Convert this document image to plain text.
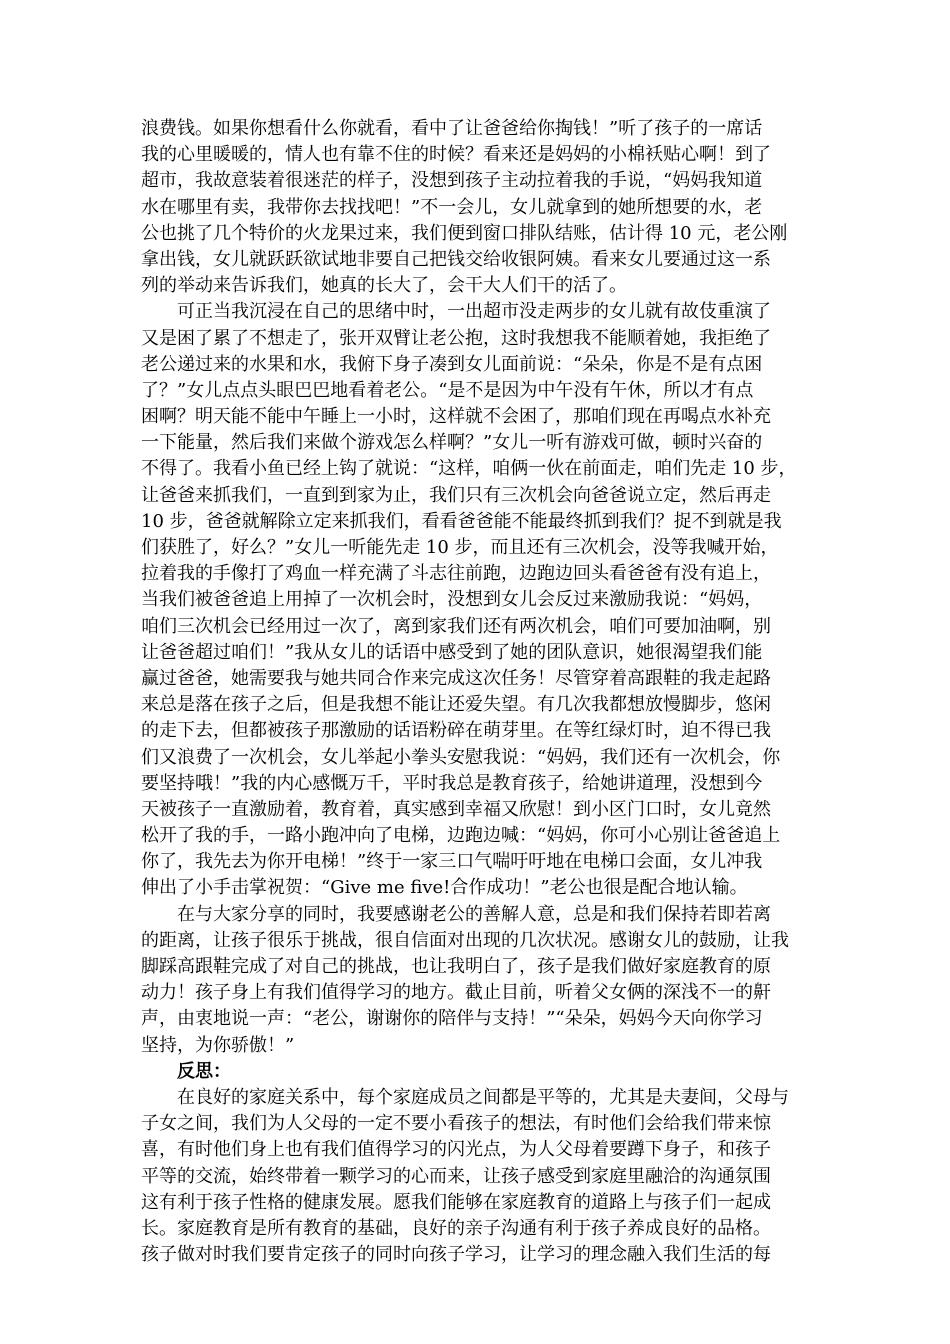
浪费钱。如果你想看什么你就看，看中了让爸爸给你掏钱！”听了孩子的一席话
我的心里暖暖的，情人也有靠不住的时候？看来还是妈妈的小棉袄贴心啊！到了
超市，我故意装着很迷茫的样子，没想到孩子主动拉着我的手说，“妈妈我知道
水在哪里有卖，我带你去找找吧！”不一会儿，女儿就拿到的她所想要的水，老
公也挑了几个特价的火龙果过来，我们便到窗口排队结账，估计得 10 元，老公刚
拿出钱，女儿就跃跃欲试地非要自己把钱交给收银阿姨。看来女儿要通过这一系
列的举动来告诉我们，她真的长大了，会干大人们干的活了。
　　可正当我沉浸在自己的思绪中时，一出超市没走两步的女儿就有故伎重演了
又是困了累了不想走了，张开双臂让老公抱，这时我想我不能顺着她，我拒绝了
老公递过来的水果和水，我俯下身子凑到女儿面前说：“朵朵，你是不是有点困
了？”女儿点点头眼巴巴地看着老公。“是不是因为中午没有午休，所以才有点
困啊？明天能不能中午睡上一小时，这样就不会困了，那咱们现在再喝点水补充
一下能量，然后我们来做个游戏怎么样啊？”女儿一听有游戏可做，顿时兴奋的
不得了。我看小鱼已经上钩了就说：“这样，咱俩一伙在前面走，咱们先走 10 步，
让爸爸来抓我们，一直到到家为止，我们只有三次机会向爸爸说立定，然后再走
10 步，爸爸就解除立定来抓我们，看看爸爸能不能最终抓到我们？捉不到就是我
们获胜了，好么？”女儿一听能先走 10 步，而且还有三次机会，没等我喊开始，
拉着我的手像打了鸡血一样充满了斗志往前跑，边跑边回头看爸爸有没有追上，
当我们被爸爸追上用掉了一次机会时，没想到女儿会反过来激励我说：“妈妈，
咱们三次机会已经用过一次了，离到家我们还有两次机会，咱们可要加油啊，别
让爸爸超过咱们！”我从女儿的话语中感受到了她的团队意识，她很渴望我们能
赢过爸爸，她需要我与她共同合作来完成这次任务！尽管穿着高跟鞋的我走起路
来总是落在孩子之后，但是我想不能让还爱失望。有几次我都想放慢脚步，悠闲
的走下去，但都被孩子那激励的话语粉碎在萌芽里。在等红绿灯时，迫不得已我
们又浪费了一次机会，女儿举起小拳头安慰我说：“妈妈，我们还有一次机会，你
要坚持哦！”我的内心感慨万千，平时我总是教育孩子，给她讲道理，没想到今
天被孩子一直激励着，教育着，真实感到幸福又欣慰！到小区门口时，女儿竟然
松开了我的手，一路小跑冲向了电梯，边跑边喊：“妈妈，你可小心别让爸爸追上
你了，我先去为你开电梯！”终于一家三口气喘吁吁地在电梯口会面，女儿冲我
伸出了小手击掌祝贺：“Give me five!合作成功！”老公也很是配合地认输。
　　在与大家分享的同时，我要感谢老公的善解人意，总是和我们保持若即若离
的距离，让孩子很乐于挑战，很自信面对出现的几次状况。感谢女儿的鼓励，让我
脚踩高跟鞋完成了对自己的挑战，也让我明白了，孩子是我们做好家庭教育的原
动力！孩子身上有我们值得学习的地方。截止目前，听着父女俩的深浅不一的鼾
声，由衷地说一声：“老公，谢谢你的陪伴与支持！”“朵朵，妈妈今天向你学习
坚持，为你骄傲！”
　　反思：
　　在良好的家庭关系中，每个家庭成员之间都是平等的，尤其是夫妻间，父母与
子女之间，我们为人父母的一定不要小看孩子的想法，有时他们会给我们带来惊
喜，有时他们身上也有我们值得学习的闪光点，为人父母着要蹲下身子，和孩子
平等的交流，始终带着一颗学习的心而来，让孩子感受到家庭里融洽的沟通氛围
这有利于孩子性格的健康发展。愿我们能够在家庭教育的道路上与孩子们一起成
长。家庭教育是所有教育的基础，良好的亲子沟通有利于孩子养成良好的品格。
孩子做对时我们要肯定孩子的同时向孩子学习，让学习的理念融入我们生活的每
